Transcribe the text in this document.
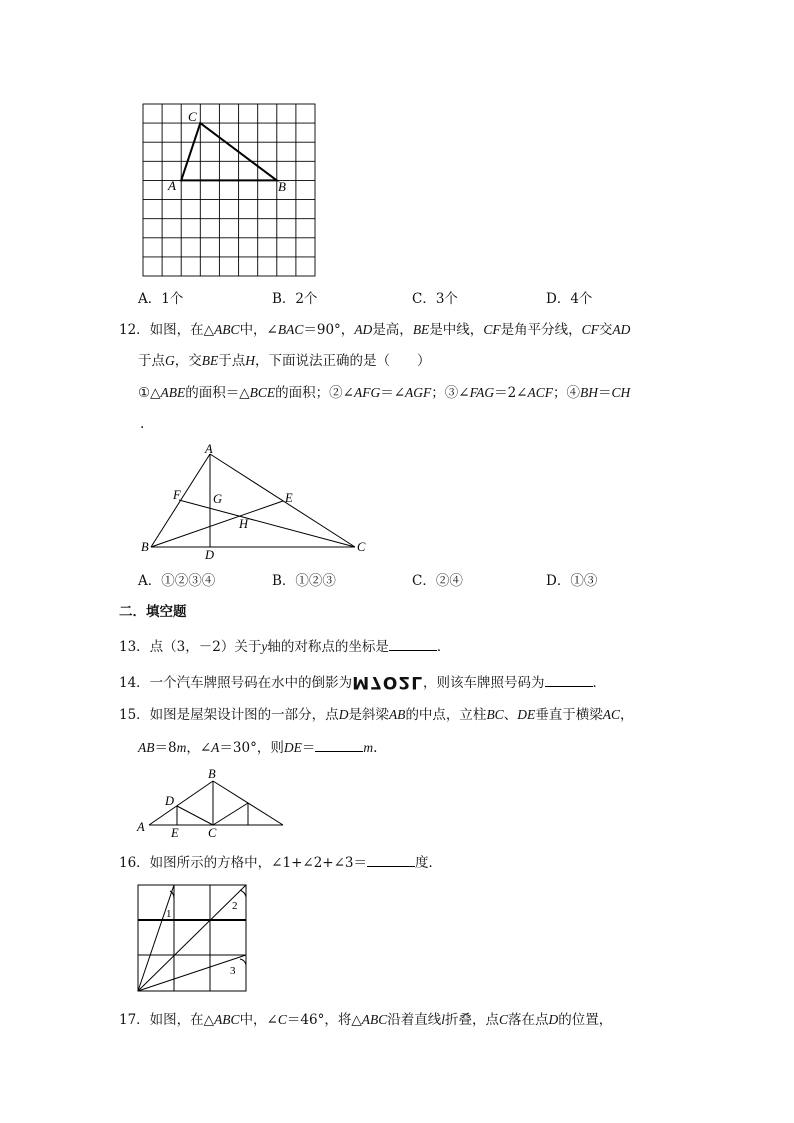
C
A	B
A．1个	B．2个	C．3个	D．4个
12．如图，在△ABC中，∠BAC＝90°，AD是高，BE是中线，CF是角平分线，CF交AD
于点G，交BE于点H，下面说法正确的是（　　）
①△ABE的面积＝△BCE的面积；②∠AFG＝∠AGF；③∠FAG＝2∠ACF；④BH＝CH
.
A
B	C
D
E
F	G
H
A．①②③④	B．①②③	C．②④	D．①③
二．填空题
13．点（3，－2）关于y轴的对称点的坐标是	．
14．一个汽车牌照号码在水中的倒影为M7O2L，则该车牌照号码为	．
15．如图是屋架设计图的一部分，点D是斜梁AB的中点，立柱BC、DE垂直于横梁AC，
AB＝8m，∠A＝30°，则DE＝	m.
A
B
C
D
E
16．如图所示的方格中，∠1+∠2+∠3＝	度．
1
2
3
17．如图，在△ABC中，∠C＝46°，将△ABC沿着直线l折叠，点C落在点D的位置，
